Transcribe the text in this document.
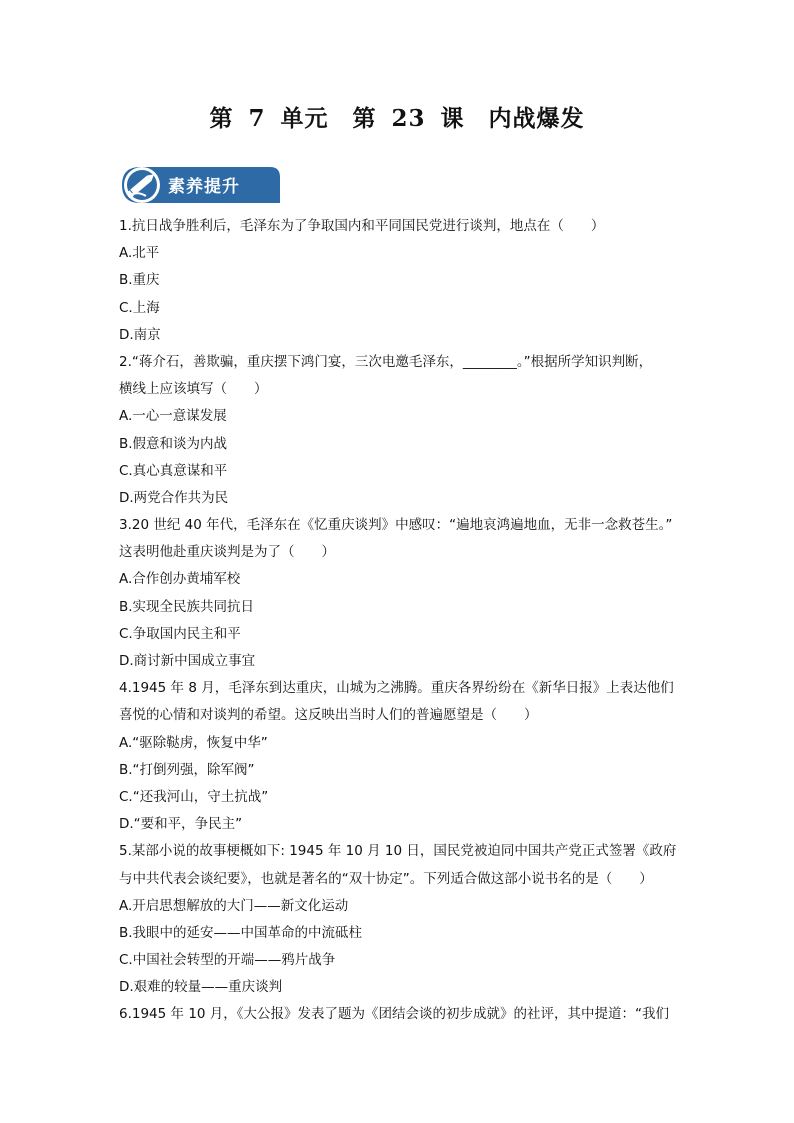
第 7 单元　第 23 课　内战爆发
素养提升
1.抗日战争胜利后，毛泽东为了争取国内和平同国民党进行谈判，地点在（　　）
A.北平
B.重庆
C.上海
D.南京
2.“蒋介石，善欺骗，重庆摆下鸿门宴，三次电邀毛泽东，________。”根据所学知识判断，
横线上应该填写（　　）
A.一心一意谋发展
B.假意和谈为内战
C.真心真意谋和平
D.两党合作共为民
3.20 世纪 40 年代，毛泽东在《忆重庆谈判》中感叹：“遍地哀鸿遍地血，无非一念救苍生。”
这表明他赴重庆谈判是为了（　　）
A.合作创办黄埔军校
B.实现全民族共同抗日
C.争取国内民主和平
D.商讨新中国成立事宜
4.1945 年 8 月，毛泽东到达重庆，山城为之沸腾。重庆各界纷纷在《新华日报》上表达他们
喜悦的心情和对谈判的希望。这反映出当时人们的普遍愿望是（　　）
A.“驱除鞑虏，恢复中华”
B.“打倒列强，除军阀”
C.“还我河山，守土抗战”
D.“要和平，争民主”
5.某部小说的故事梗概如下: 1945 年 10 月 10 日，国民党被迫同中国共产党正式签署《政府
与中共代表会谈纪要》，也就是著名的“双十协定”。下列适合做这部小说书名的是（　　）
A.开启思想解放的大门——新文化运动
B.我眼中的延安——中国革命的中流砥柱
C.中国社会转型的开端——鸦片战争
D.艰难的较量——重庆谈判
6.1945 年 10 月，《大公报》发表了题为《团结会谈的初步成就》的社评，其中提道：“我们
